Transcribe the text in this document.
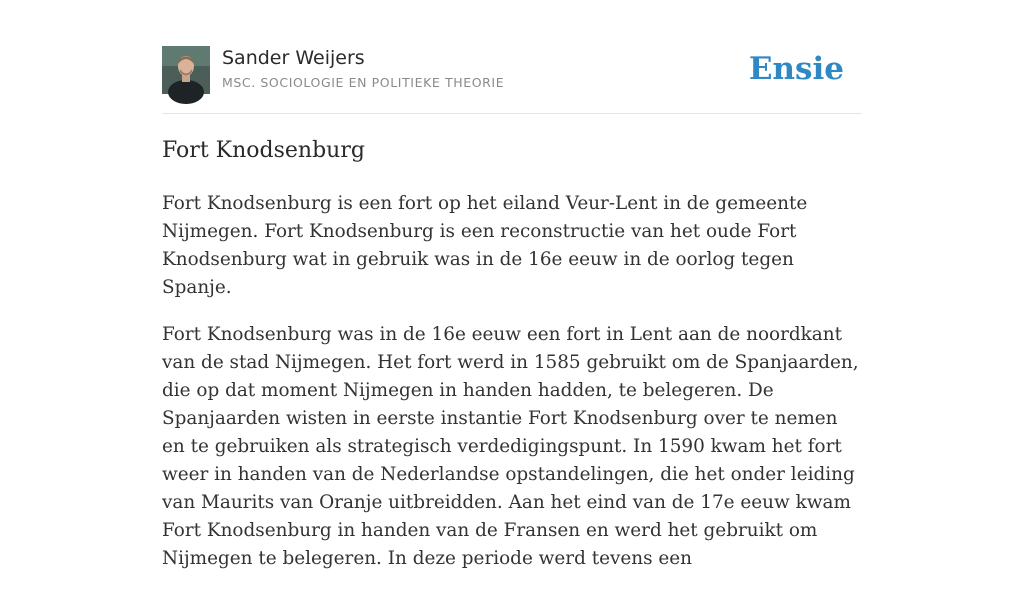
Sander Weijers
MSC. SOCIOLOGIE EN POLITIEKE THEORIE	Ensie
Fort Knodsenburg

Fort Knodsenburg is een fort op het eiland Veur-Lent in de gemeente Nijmegen. Fort Knodsenburg is een reconstructie van het oude Fort Knodsenburg wat in gebruik was in de 16e eeuw in de oorlog tegen Spanje.

Fort Knodsenburg was in de 16e eeuw een fort in Lent aan de noordkant van de stad Nijmegen. Het fort werd in 1585 gebruikt om de Spanjaarden, die op dat moment Nijmegen in handen hadden, te belegeren. De Spanjaarden wisten in eerste instantie Fort Knodsenburg over te nemen en te gebruiken als strategisch verdedigingspunt. In 1590 kwam het fort weer in handen van de Nederlandse opstandelingen, die het onder leiding van Maurits van Oranje uitbreidden. Aan het eind van de 17e eeuw kwam Fort Knodsenburg in handen van de Fransen en werd het gebruikt om Nijmegen te belegeren. In deze periode werd tevens een
